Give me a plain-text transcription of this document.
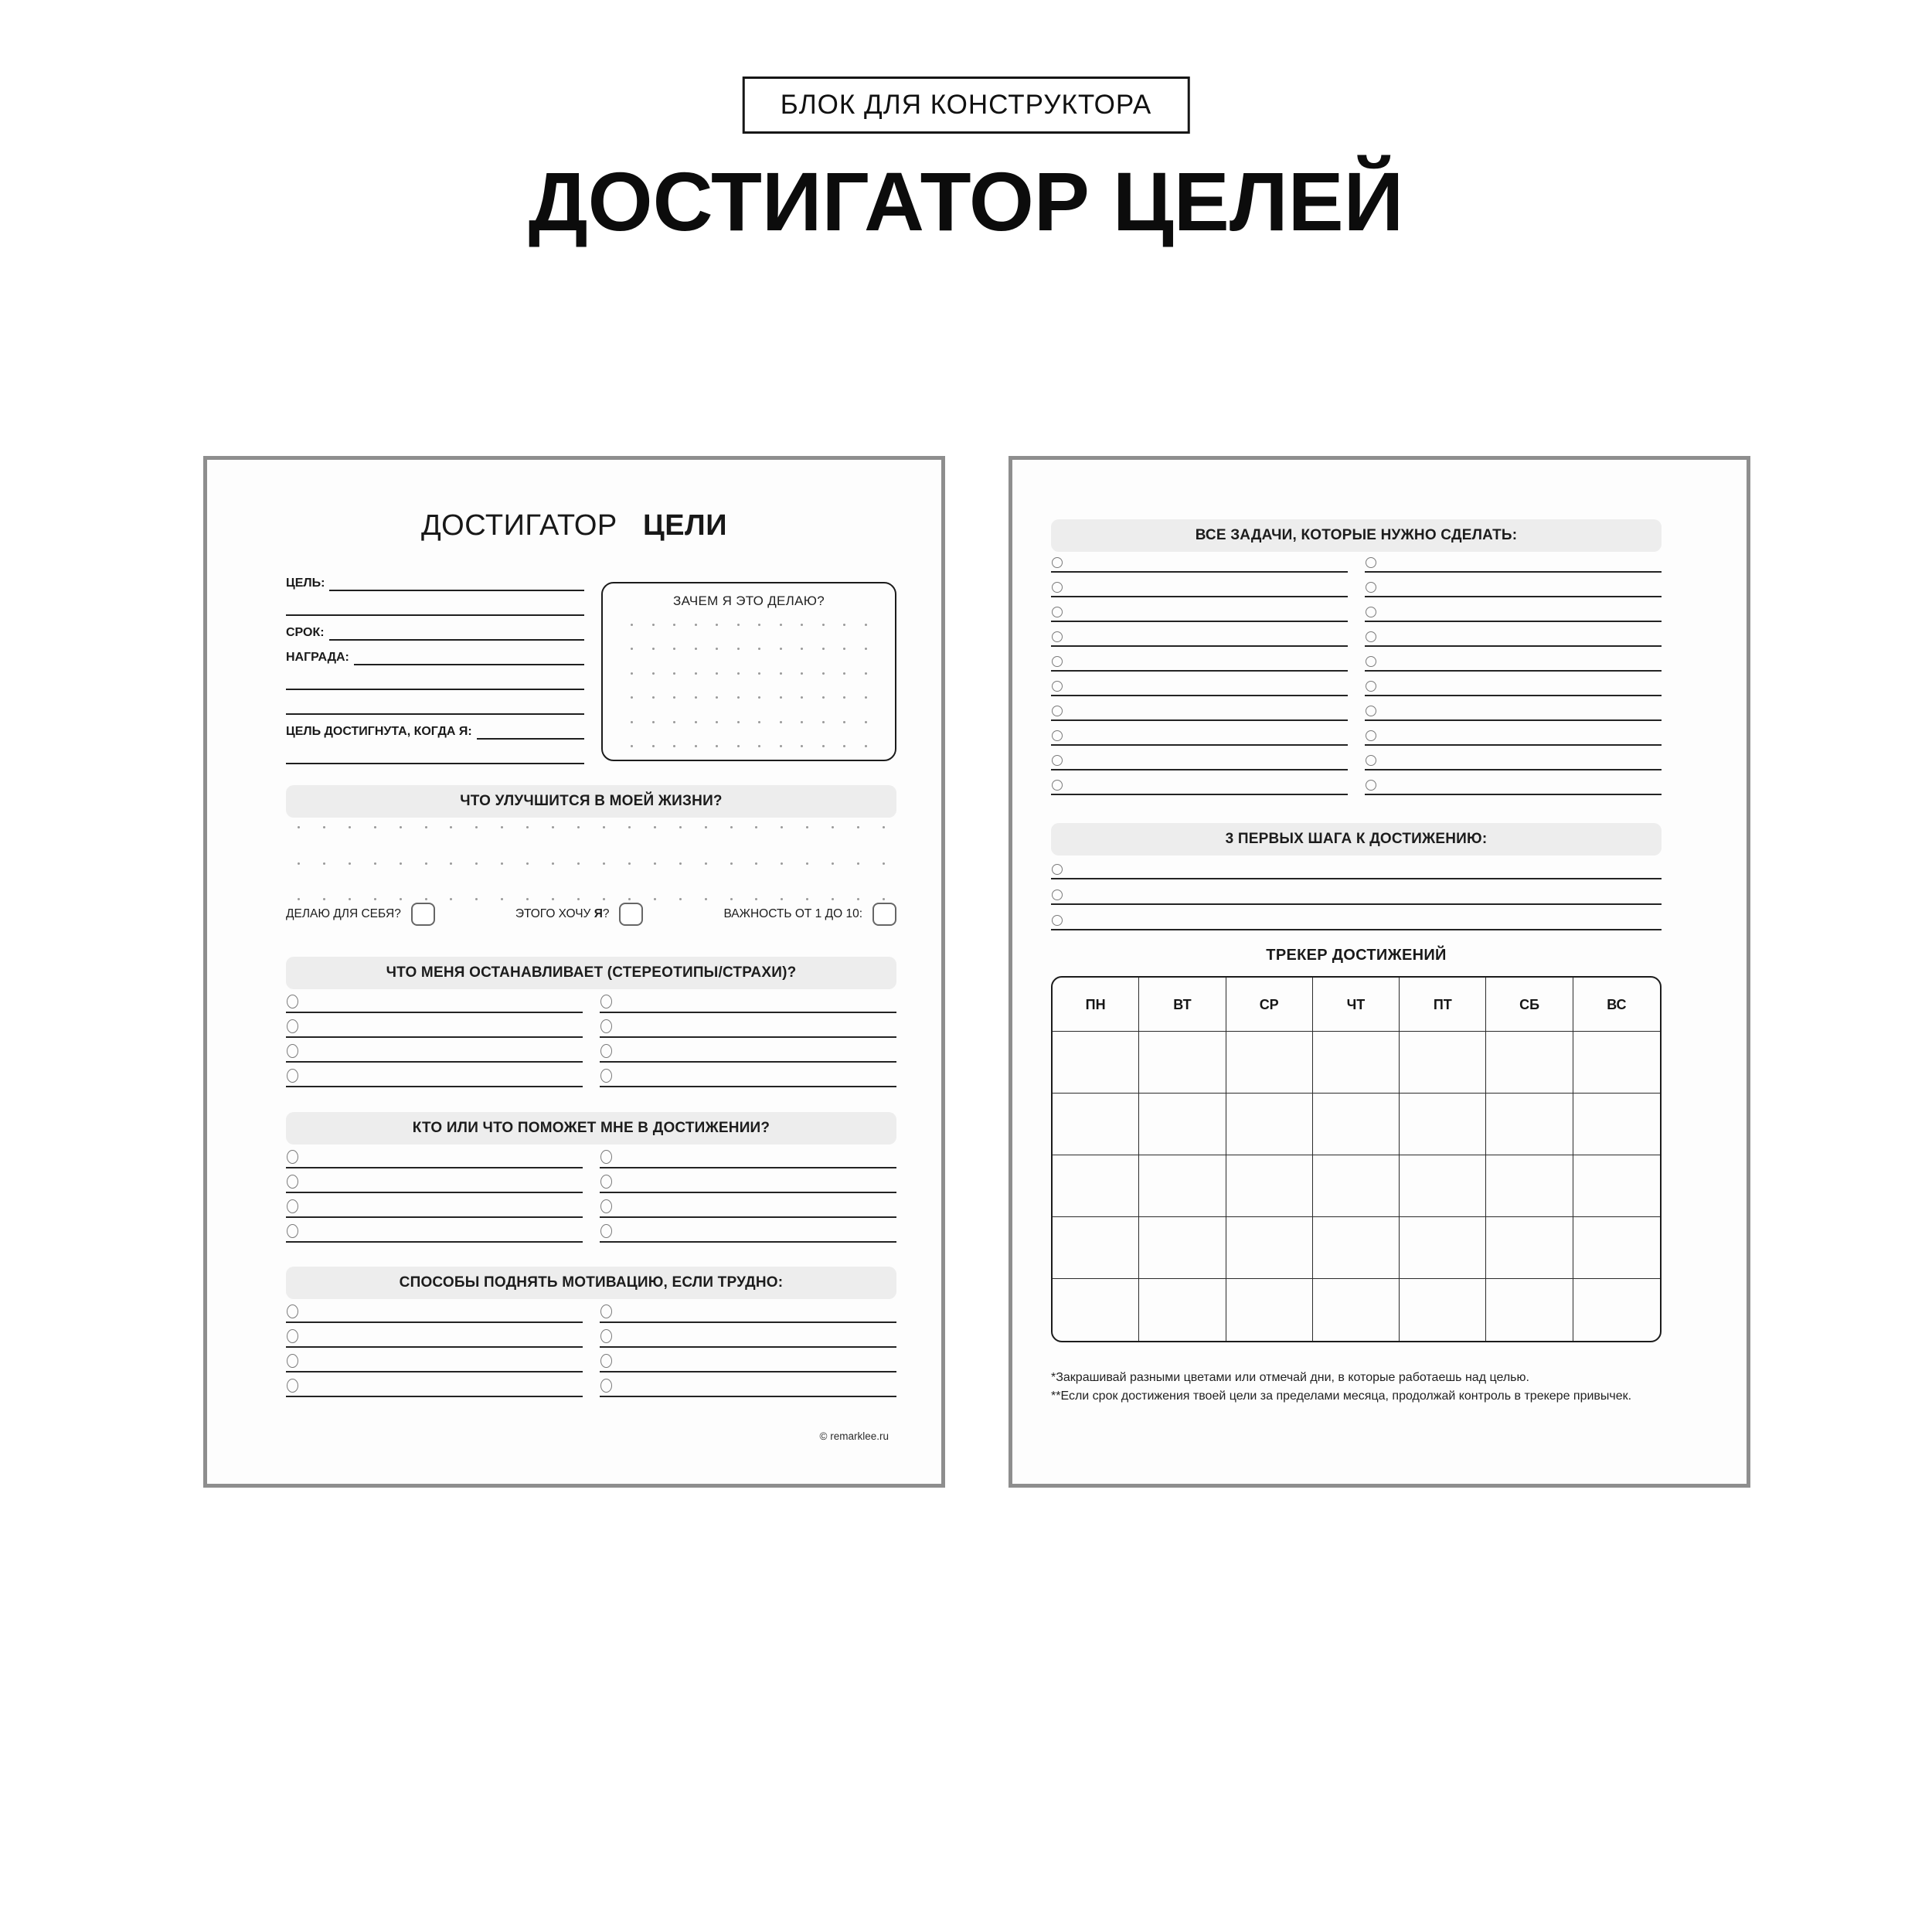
БЛОК ДЛЯ КОНСТРУКТОРА
ДОСТИГАТОР ЦЕЛЕЙ
ДОСТИГАТОР ЦЕЛИ
ЦЕЛЬ:
СРОК:
НАГРАДА:
ЦЕЛЬ ДОСТИГНУТА, КОГДА Я:
ЗАЧЕМ Я ЭТО ДЕЛАЮ?
ЧТО УЛУЧШИТСЯ В МОЕЙ ЖИЗНИ?
ДЕЛАЮ ДЛЯ СЕБЯ?	ЭТОГО ХОЧУ Я?	ВАЖНОСТЬ ОТ 1 ДО 10:
ЧТО МЕНЯ ОСТАНАВЛИВАЕТ (СТЕРЕОТИПЫ/СТРАХИ)?
КТО ИЛИ ЧТО ПОМОЖЕТ МНЕ В ДОСТИЖЕНИИ?
СПОСОБЫ ПОДНЯТЬ МОТИВАЦИЮ, ЕСЛИ ТРУДНО:
© remarklee.ru
ВСЕ ЗАДАЧИ, КОТОРЫЕ НУЖНО СДЕЛАТЬ:
3 ПЕРВЫХ ШАГА К ДОСТИЖЕНИЮ:
ТРЕКЕР ДОСТИЖЕНИЙ
ПН	ВТ	СР	ЧТ	ПТ	СБ	ВС
*Закрашивай разными цветами или отмечай дни, в которые работаешь над целью.
**Если срок достижения твоей цели за пределами месяца, продолжай контроль в трекере привычек.
